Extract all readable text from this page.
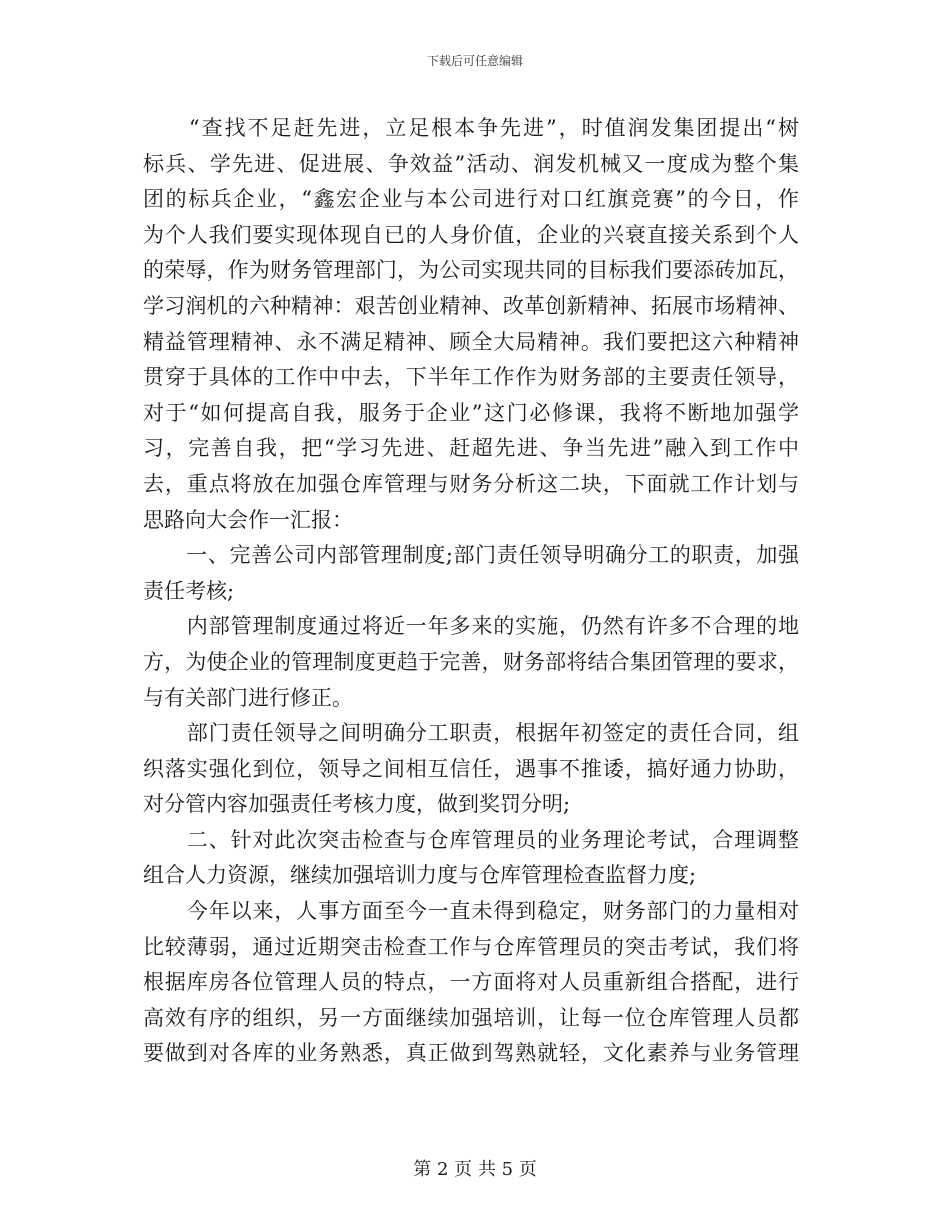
下载后可任意编辑
　　“查找不足赶先进，立足根本争先进”，时值润发集团提出“树
标兵、学先进、促进展、争效益”活动、润发机械又一度成为整个集
团的标兵企业，“鑫宏企业与本公司进行对口红旗竞赛”的今日，作
为个人我们要实现体现自已的人身价值，企业的兴衰直接关系到个人
的荣辱，作为财务管理部门，为公司实现共同的目标我们要添砖加瓦，
学习润机的六种精神：艰苦创业精神、改革创新精神、拓展市场精神、
精益管理精神、永不满足精神、顾全大局精神。我们要把这六种精神
贯穿于具体的工作中中去，下半年工作作为财务部的主要责任领导，
对于“如何提高自我，服务于企业”这门必修课，我将不断地加强学
习，完善自我，把“学习先进、赶超先进、争当先进”融入到工作中
去，重点将放在加强仓库管理与财务分析这二块，下面就工作计划与
思路向大会作一汇报：
　　一、完善公司内部管理制度;部门责任领导明确分工的职责，加强
责任考核;
　　内部管理制度通过将近一年多来的实施，仍然有许多不合理的地
方，为使企业的管理制度更趋于完善，财务部将结合集团管理的要求，
与有关部门进行修正。
　　部门责任领导之间明确分工职责，根据年初签定的责任合同，组
织落实强化到位，领导之间相互信任，遇事不推诿，搞好通力协助，
对分管内容加强责任考核力度，做到奖罚分明;
　　二、针对此次突击检查与仓库管理员的业务理论考试，合理调整
组合人力资源，继续加强培训力度与仓库管理检查监督力度;
　　今年以来，人事方面至今一直未得到稳定，财务部门的力量相对
比较薄弱，通过近期突击检查工作与仓库管理员的突击考试，我们将
根据库房各位管理人员的特点，一方面将对人员重新组合搭配，进行
高效有序的组织，另一方面继续加强培训，让每一位仓库管理人员都
要做到对各库的业务熟悉，真正做到驾熟就轻，文化素养与业务管理
第 2 页 共 5 页
